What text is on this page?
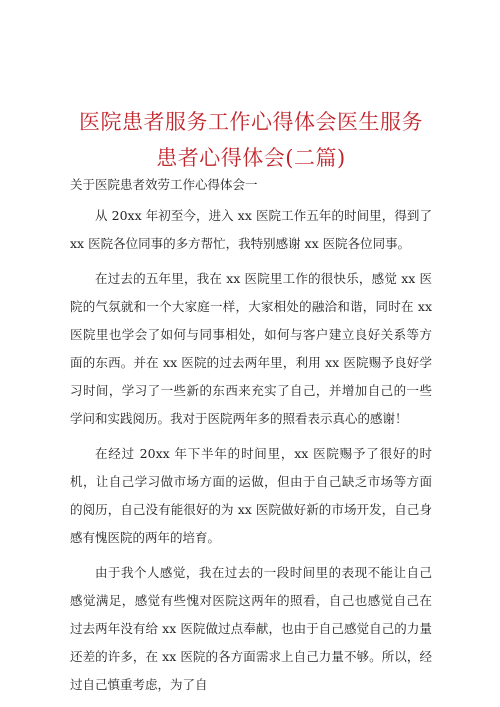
医院患者服务工作心得体会医生服务患者心得体会(二篇)
关于医院患者效劳工作心得体会一

从 20xx 年初至今，进入 xx 医院工作五年的时间里，得到了 xx 医院各位同事的多方帮忙，我特别感谢 xx 医院各位同事。

在过去的五年里，我在 xx 医院里工作的很快乐，感觉 xx 医院的气氛就和一个大家庭一样，大家相处的融洽和谐，同时在 xx 医院里也学会了如何与同事相处，如何与客户建立良好关系等方面的东西。并在 xx 医院的过去两年里，利用 xx 医院赐予良好学习时间，学习了一些新的东西来充实了自己，并增加自己的一些学问和实践阅历。我对于医院两年多的照看表示真心的感谢！

在经过 20xx 年下半年的时间里，xx 医院赐予了很好的时机，让自己学习做市场方面的运做，但由于自己缺乏市场等方面的阅历，自己没有能很好的为 xx 医院做好新的市场开发，自己身感有愧医院的两年的培育。

由于我个人感觉，我在过去的一段时间里的表现不能让自己感觉满足，感觉有些愧对医院这两年的照看，自己也感觉自己在过去两年没有给 xx 医院做过点奉献，也由于自己感觉自己的力量还差的许多，在 xx 医院的各方面需求上自己力量不够。所以，经过自己慎重考虑，为了自
